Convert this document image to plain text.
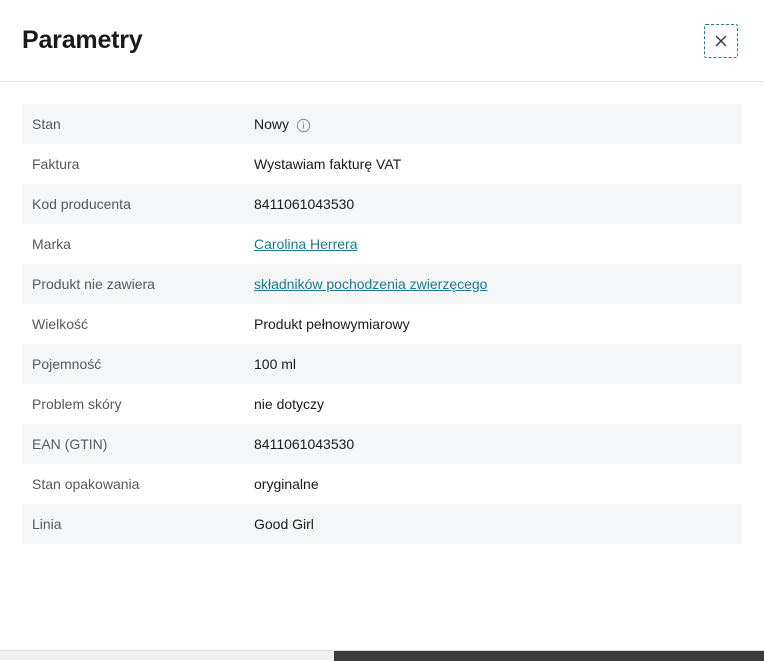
Parametry
Stan	Nowy
Faktura	Wystawiam fakturę VAT
Kod producenta	8411061043530
Marka	Carolina Herrera
Produkt nie zawiera	składników pochodzenia zwierzęcego
Wielkość	Produkt pełnowymiarowy
Pojemność	100 ml
Problem skóry	nie dotyczy
EAN (GTIN)	8411061043530
Stan opakowania	oryginalne
Linia	Good Girl
